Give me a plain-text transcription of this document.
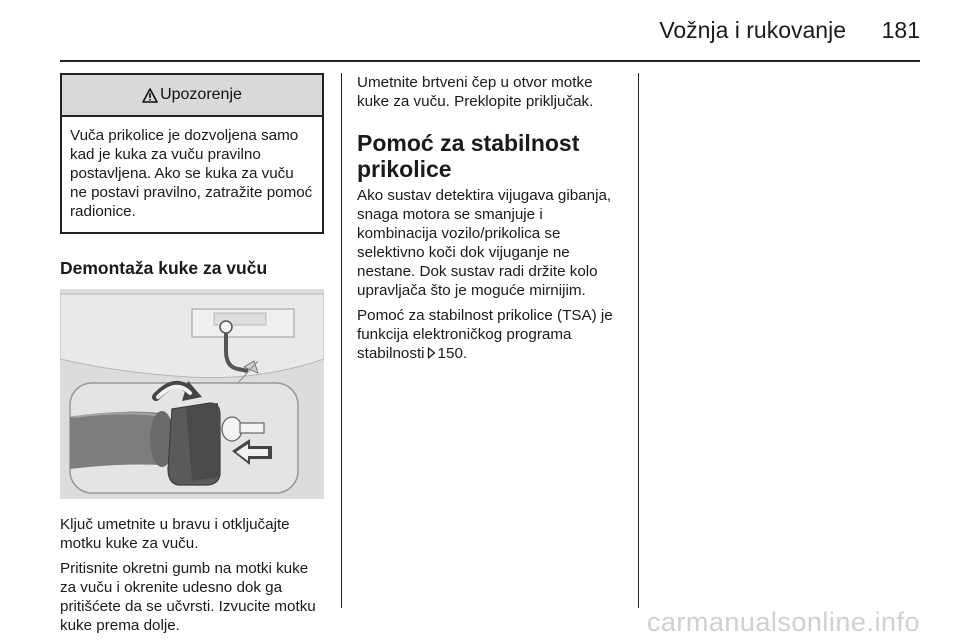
Vožnja i rukovanje	181
Upozorenje
Vuča prikolice je dozvoljena samo kad je kuka za vuču pravilno postavljena. Ako se kuka za vuču ne postavi pravilno, zatražite pomoć radionice.
Demontaža kuke za vuču

Ključ umetnite u bravu i otključajte motku kuke za vuču.

Pritisnite okretni gumb na motki kuke za vuču i okrenite udesno dok ga pritišćete da se učvrsti. Izvucite motku kuke prema dolje.

Umetnite brtveni čep u otvor motke kuke za vuču. Preklopite priključak.

Pomoć za stabilnost
prikolice

Ako sustav detektira vijugava gibanja, snaga motora se smanjuje i kombinacija vozilo/prikolica se selektivno koči dok vijuganje ne nestane. Dok sustav radi držite kolo upravljača što je moguće mirnijim.

Pomoć za stabilnost prikolice (TSA) je funkcija elektroničkog programa stabilnosti 150.

carmanualsonline.info
